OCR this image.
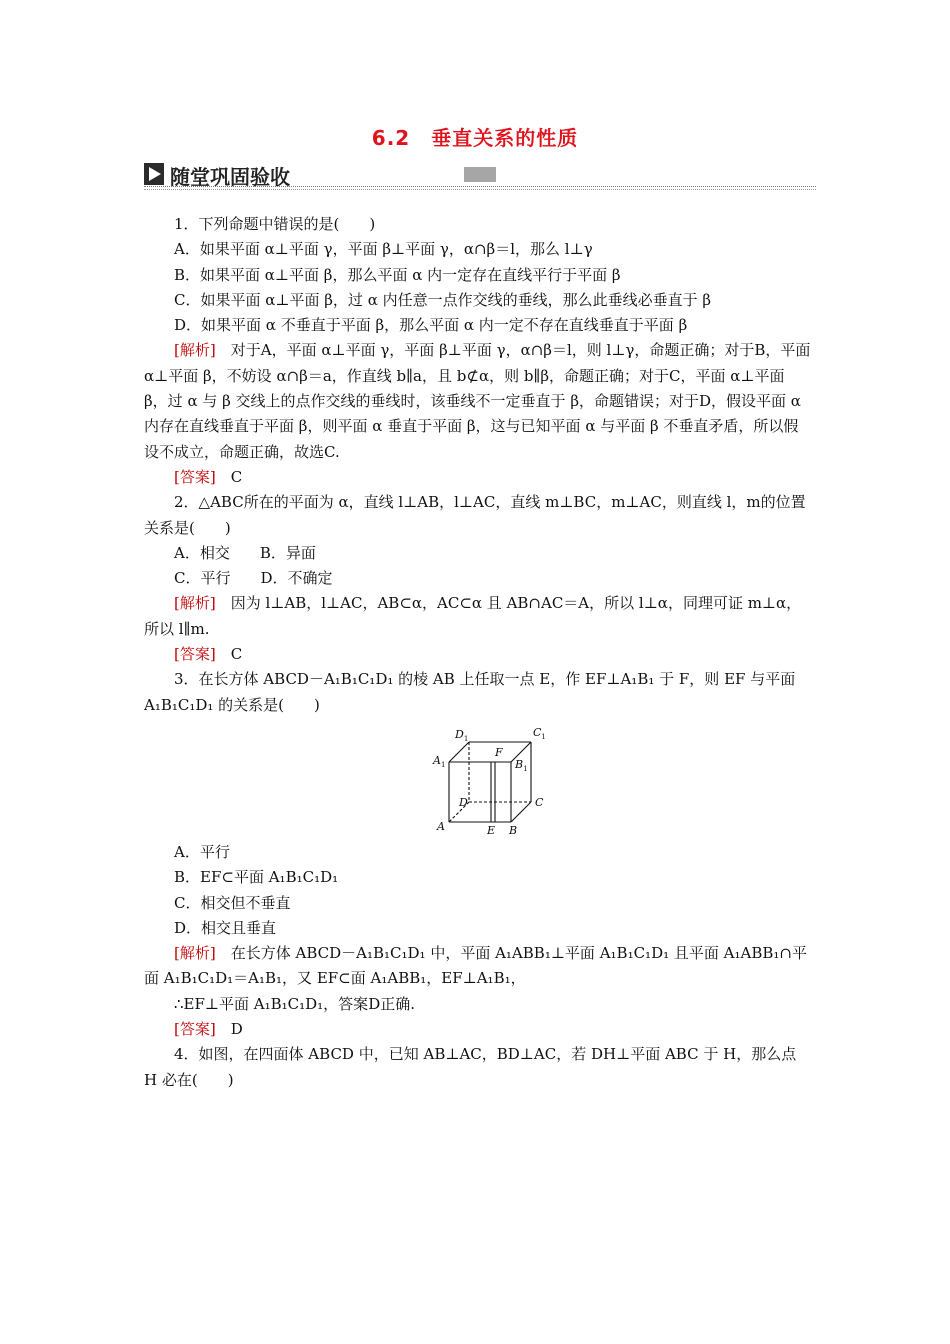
6.2　垂直关系的性质
随堂巩固验收

1．下列命题中错误的是(　　)

A．如果平面 α⊥平面 γ，平面 β⊥平面 γ，α∩β＝l，那么 l⊥γ

B．如果平面 α⊥平面 β，那么平面 α 内一定存在直线平行于平面 β

C．如果平面 α⊥平面 β，过 α 内任意一点作交线的垂线，那么此垂线必垂直于 β

D．如果平面 α 不垂直于平面 β，那么平面 α 内一定不存在直线垂直于平面 β

[解析]　 对于A，平面 α⊥平面 γ，平面 β⊥平面 γ，α∩β＝l，则 l⊥γ，命题正确；对于B，平面 α⊥平面 β，不妨设 α∩β＝a，作直线 b∥a，且 b⊄α，则 b∥β，命题正确；对于C，平面 α⊥平面 β，过 α 与 β 交线上的点作交线的垂线时，该垂线不一定垂直于 β，命题错误；对于D，假设平面 α 内存在直线垂直于平面 β，则平面 α 垂直于平面 β，这与已知平面 α 与平面 β 不垂直矛盾，所以假设不成立，命题正确，故选C.

[答案]　 C

2．△ABC所在的平面为 α，直线 l⊥AB，l⊥AC，直线 m⊥BC，m⊥AC，则直线 l，m的位置关系是(　　)

A．相交　　B．异面

C．平行　　D．不确定

[解析]　 因为 l⊥AB，l⊥AC，AB⊂α，AC⊂α 且 AB∩AC＝A，所以 l⊥α，同理可证 m⊥α，所以 l∥m.

[答案]　 C

3．在长方体 ABCD－A₁B₁C₁D₁ 的棱 AB 上任取一点 E，作 EF⊥A₁B₁ 于 F，则 EF 与平面 A₁B₁C₁D₁ 的关系是(　　)

$D_1$	$C_1$
$A_1$	$B_1$
F
D	C
A	E B

A．平行

B．EF⊂平面 A₁B₁C₁D₁

C．相交但不垂直

D．相交且垂直

[解析]　 在长方体 ABCD－A₁B₁C₁D₁ 中，平面 A₁ABB₁⊥平面 A₁B₁C₁D₁ 且平面 A₁ABB₁∩平面 A₁B₁C₁D₁＝A₁B₁，又 EF⊂面 A₁ABB₁，EF⊥A₁B₁，

∴EF⊥平面 A₁B₁C₁D₁，答案D正确.

[答案]　 D

4．如图，在四面体 ABCD 中，已知 AB⊥AC，BD⊥AC，若 DH⊥平面 ABC 于 H，那么点 H 必在(　　)
